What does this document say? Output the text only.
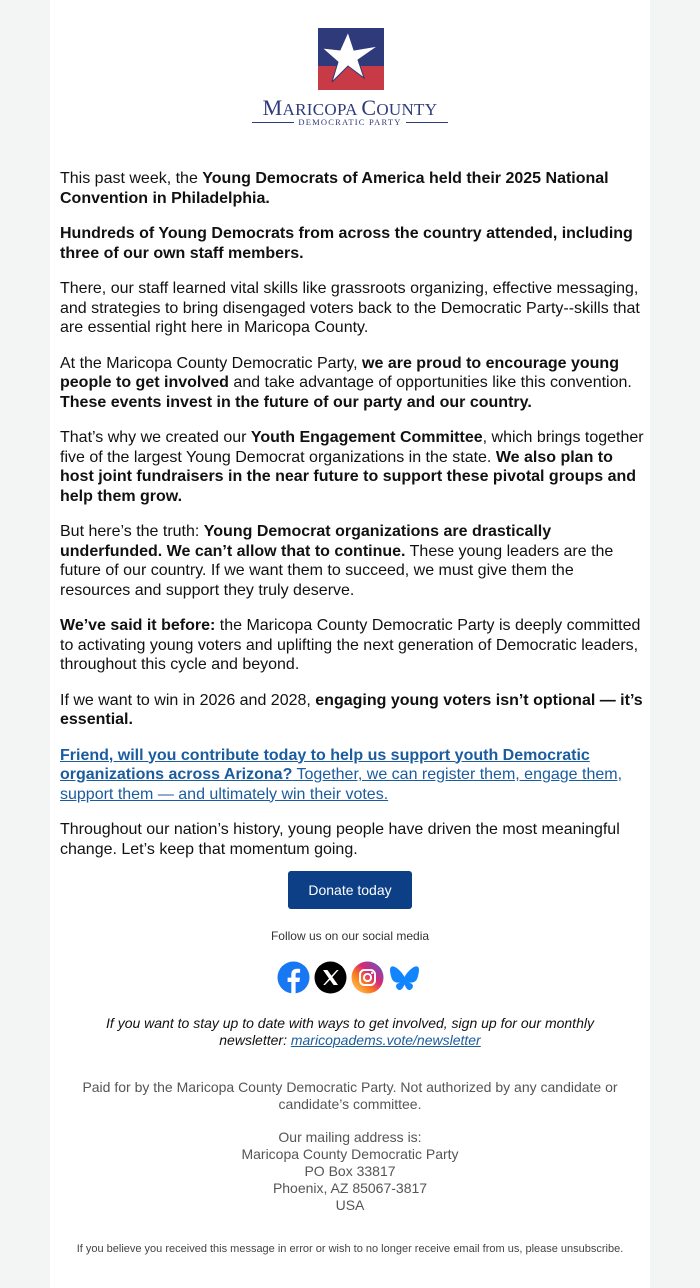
MARICOPA COUNTY
DEMOCRATIC PARTY

This past week, the Young Democrats of America held their 2025 National Convention in Philadelphia.

Hundreds of Young Democrats from across the country attended, including three of our own staff members.

There, our staff learned vital skills like grassroots organizing, effective messaging, and strategies to bring disengaged voters back to the Democratic Party--skills that are essential right here in Maricopa County.

At the Maricopa County Democratic Party, we are proud to encourage young people to get involved and take advantage of opportunities like this convention. These events invest in the future of our party and our country.

That’s why we created our Youth Engagement Committee, which brings together five of the largest Young Democrat organizations in the state. We also plan to host joint fundraisers in the near future to support these pivotal groups and help them grow.

But here’s the truth: Young Democrat organizations are drastically underfunded. We can’t allow that to continue. These young leaders are the future of our country. If we want them to succeed, we must give them the resources and support they truly deserve.

We’ve said it before: the Maricopa County Democratic Party is deeply committed to activating young voters and uplifting the next generation of Democratic leaders, throughout this cycle and beyond.

If we want to win in 2026 and 2028, engaging young voters isn’t optional — it’s essential.

Friend, will you contribute today to help us support youth Democratic organizations across Arizona? Together, we can register them, engage them, support them — and ultimately win their votes.

Throughout our nation’s history, young people have driven the most meaningful change. Let’s keep that momentum going.

Donate today
Follow us on our social media
If you want to stay up to date with ways to get involved, sign up for our monthly newsletter: maricopadems.vote/newsletter
Paid for by the Maricopa County Democratic Party. Not authorized by any candidate or candidate’s committee.
Our mailing address is:
Maricopa County Democratic Party
PO Box 33817
Phoenix, AZ 85067-3817
USA
If you believe you received this message in error or wish to no longer receive email from us, please unsubscribe.
